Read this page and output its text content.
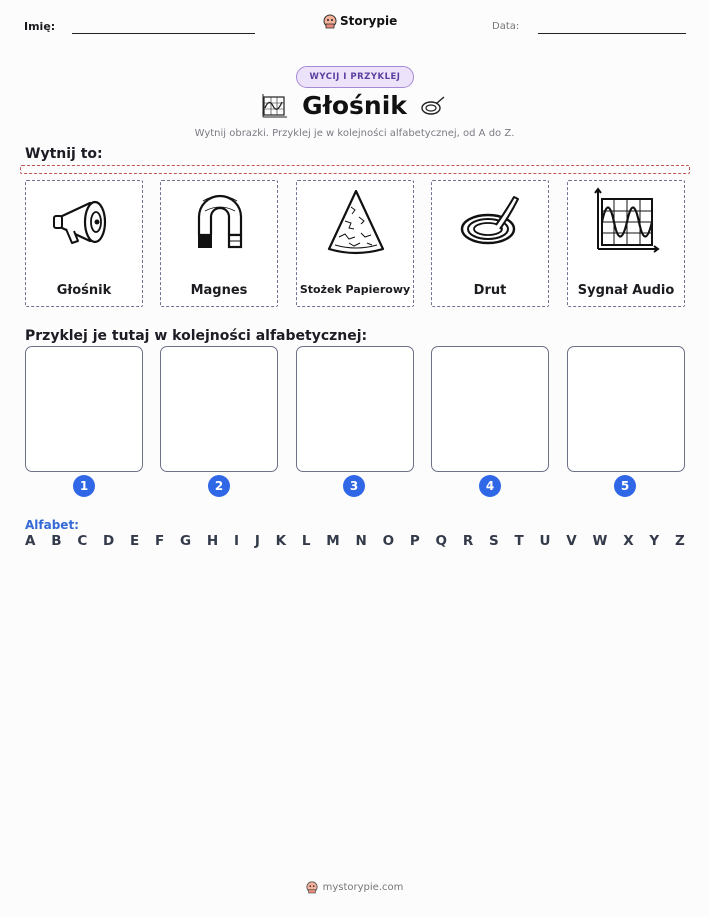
Imię:	Storypie	Data:
WYCIJ I PRZYKLEJ
Głośnik
Wytnij obrazki. Przyklej je w kolejności alfabetycznej, od A do Z.
Wytnij to:
Głośnik	Magnes	Stożek Papierowy	Drut	Sygnał Audio
Przyklej je tutaj w kolejności alfabetycznej:
1	2	3	4	5
Alfabet:
A B C D E F G H I J K L M N O P Q R S T U V W X Y Z
mystorypie.com
